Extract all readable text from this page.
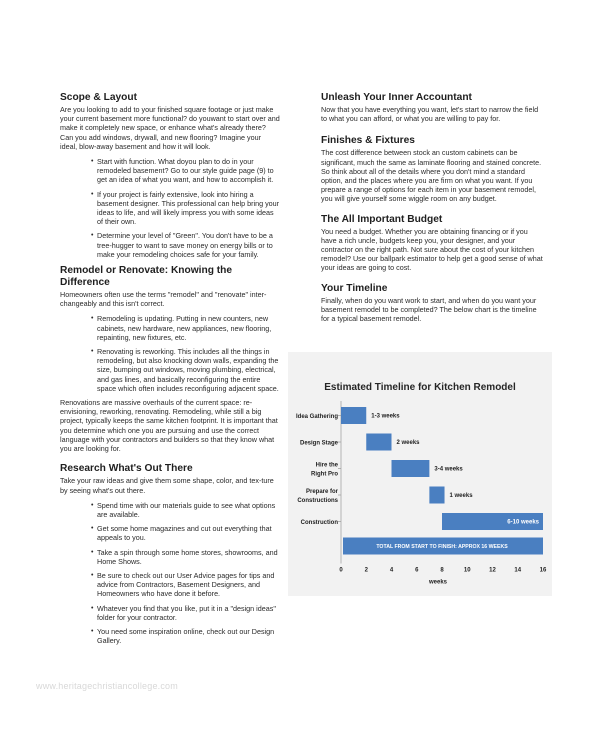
Scope & Layout

Are you looking to add to your finished square footage or just make your current basement more functional? do youwant to start over and make it completely new space, or enhance what's already there? Can you add windows, drywall, and new flooring? Imagine your ideal, blow-away basement and how it will look.

• Start with function. What doyou plan to do in your remodeled basement? Go to our style guide page (9) to get an idea of what you want, and how to accomplish it.
• If your project is fairly extensive, look into hiring a basement designer. This professional can help bring your ideas to life, and will likely impress you with some ideas of their own.
• Determine your level of "Green". You don't have to be a tree-hugger to want to save money on energy bills or to make your remodeling choices safe for your family.
Remodel or Renovate: Knowing the Difference

Homeowners often use the terms "remodel" and "renovate" inter-changeably and this isn't correct.

• Remodeling is updating. Putting in new counters, new cabinets, new hardware, new appliances, new flooring, repainting, new fixtures, etc.
• Renovating is reworking. This includes all the things in remodeling, but also knocking down walls, expanding the size, bumping out windows, moving plumbing, electrical, and gas lines, and basically reconfiguring the entire space which often includes reconfiguring adjacent space.

Renovations are massive overhauls of the current space: re-envisioning, reworking, renovating. Remodeling, while still a big project, typically keeps the same kitchen footprint. It is important that you determine which one you are pursuing and use the correct language with your contractors and builders so that they know what you are looking for.

Research What's Out There

Take your raw ideas and give them some shape, color, and tex-ture by seeing what's out there.

• Spend time with our materials guide to see what options are available.
• Get some home magazines and cut out everything that appeals to you.
• Take a spin through some home stores, showrooms, and Home Shows.
• Be sure to check out our User Advice pages for tips and advice from Contractors, Basement Designers, and Homeowners who have done it before.
• Whatever you find that you like, put it in a "design ideas" folder for your contractor.
• You need some inspiration online, check out our Design Gallery.
Unleash Your Inner Accountant

Now that you have everything you want, let's start to narrow the field to what you can afford, or what you are willing to pay for.

Finishes & Fixtures

The cost difference between stock an custom cabinets can be significant, much the same as laminate flooring and stained concrete. So think about all of the details where you don't mind a standard option, and the places where you are firm on what you want. If you prepare a range of options for each item in your basement remodel, you will give yourself some wiggle room on any budget.

The All Important Budget

You need a budget. Whether you are obtaining financing or if you have a rich uncle, budgets keep you, your designer, and your contractor on the right path. Not sure about the cost of your kitchen remodel? Use our ballpark estimator to help get a good sense of what your ideas are going to cost.

Your Timeline

Finally, when do you want work to start, and when do you want your basement remodel to be completed? The below chart is the timeline for a typical basement remodel.

Estimated Timeline for Kitchen Remodel
Idea Gathering	1-3 weeks
Design Stage	2 weeks
Hire the Right Pro
3-4 weeks
Prepare for Constructions
1 weeks
Construction	6-10 weeks
TOTAL FROM START TO FINISH: APPROX 16 WEEKS
0	2	4	6	8	10	12	14	16
weeks
www.heritagechristiancollege.com
